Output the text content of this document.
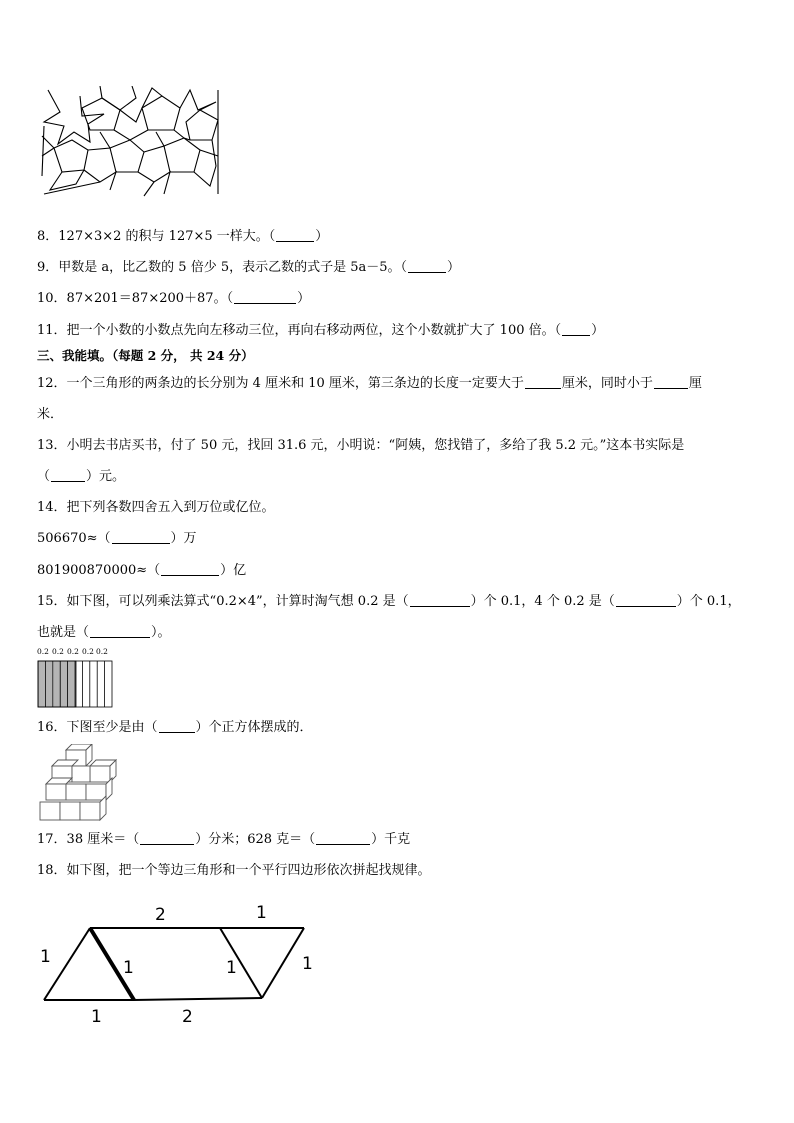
8．127×3×2 的积与 127×5 一样大。（	）
9．甲数是 a，比乙数的 5 倍少 5，表示乙数的式子是 5a－5。（	）
10．87×201＝87×200＋87。（	）
11．把一个小数的小数点先向左移动三位，再向右移动两位，这个小数就扩大了 100 倍。（ ）
三、我能填。（每题 2 分， 共 24 分）
12．一个三角形的两条边的长分别为 4 厘米和 10 厘米，第三条边的长度一定要大于	厘米，同时小于	厘
米．
13．小明去书店买书，付了 50 元，找回 31.6 元，小明说：“阿姨，您找错了，多给了我 5.2 元。”这本书实际是
（	）元。
14．把下列各数四舍五入到万位或亿位。
506670≈（	）万
801900870000≈（	）亿
15．如下图，可以列乘法算式“0.2×4”，计算时淘气想 0.2 是（	）个 0.1，4 个 0.2 是（	）个 0.1，
也就是（	）。
0.2 0.2 0.2 0.2 0.2
16．下图至少是由（	）个正方体摆成的．
17．38 厘米＝（	）分米；628 克＝（	）千克
18．如下图，把一个等边三角形和一个平行四边形依次拼起找规律。
2	1
1
1	1	1
1	2
